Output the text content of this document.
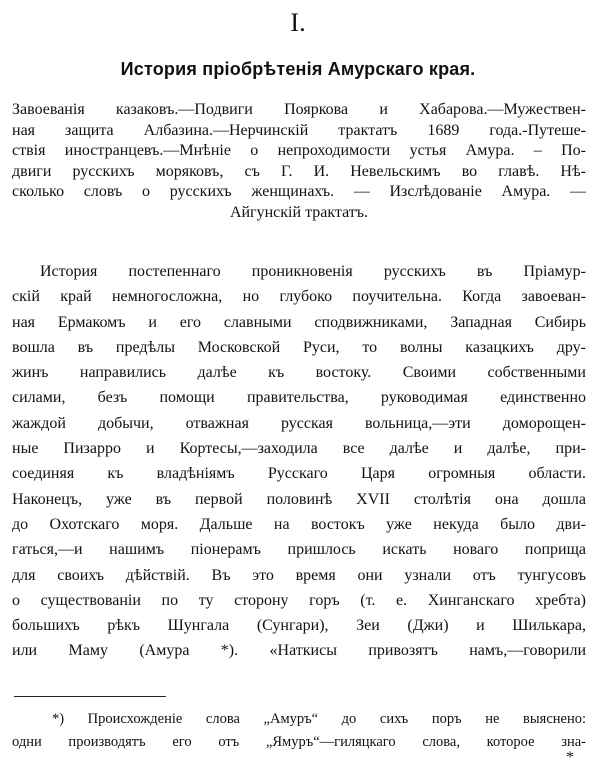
I.
История пріобрѣтенія Амурскаго края.
Завоеванія казаковъ.—Подвиги Пояркова и Хабарова.—Мужествен-
ная защита Албазина.—Нерчинскій трактатъ 1689 года.-Путеше-
ствія иностранцевъ.—Мнѣніе о непроходимости устья Амура. – По-
двиги русскихъ моряковъ, съ Г. И. Невельскимъ во главѣ. Нѣ-
сколько словъ о русскихъ женщинахъ. — Изслѣдованіе Амура. —
Айгунскій трактатъ.
История постепеннаго проникновенія русскихъ въ Пріамур-
скій край немногосложна, но глубоко поучительна. Когда завоеван-
ная Ермакомъ и его славными сподвижниками, Западная Сибирь
вошла въ предѣлы Московской Руси, то волны казацкихъ дру-
жинъ направились далѣе къ востоку. Своими собственными
силами, безъ помощи правительства, руководимая единственно
жаждой добычи, отважная русская вольница,—эти доморощен-
ные Пизарро и Кортесы,—заходила все далѣе и далѣе, при-
соединяя къ владѣніямъ Русскаго Царя огромныя области.
Наконецъ, уже въ первой половинѣ XVII столѣтія она дошла
до Охотскаго моря. Дальше на востокъ уже некуда было дви-
гаться,—и нашимъ пiонерамъ пришлось искать новаго поприща
для своихъ дѣйствій. Въ это время они узнали отъ тунгусовъ
о существованіи по ту сторону горъ (т. е. Хинганскаго хребта)
большихъ рѣкъ Шунгала (Сунгари), Зеи (Джи) и Шилькара,
или Маму (Амура *). «Наткисы привозятъ намъ,—говорили
*) Происхожденіе слова „Амуръ“ до сихъ поръ не выяснено:
одни производятъ его отъ „Ямуръ“—гиляцкаго слова, которое зна-
*
